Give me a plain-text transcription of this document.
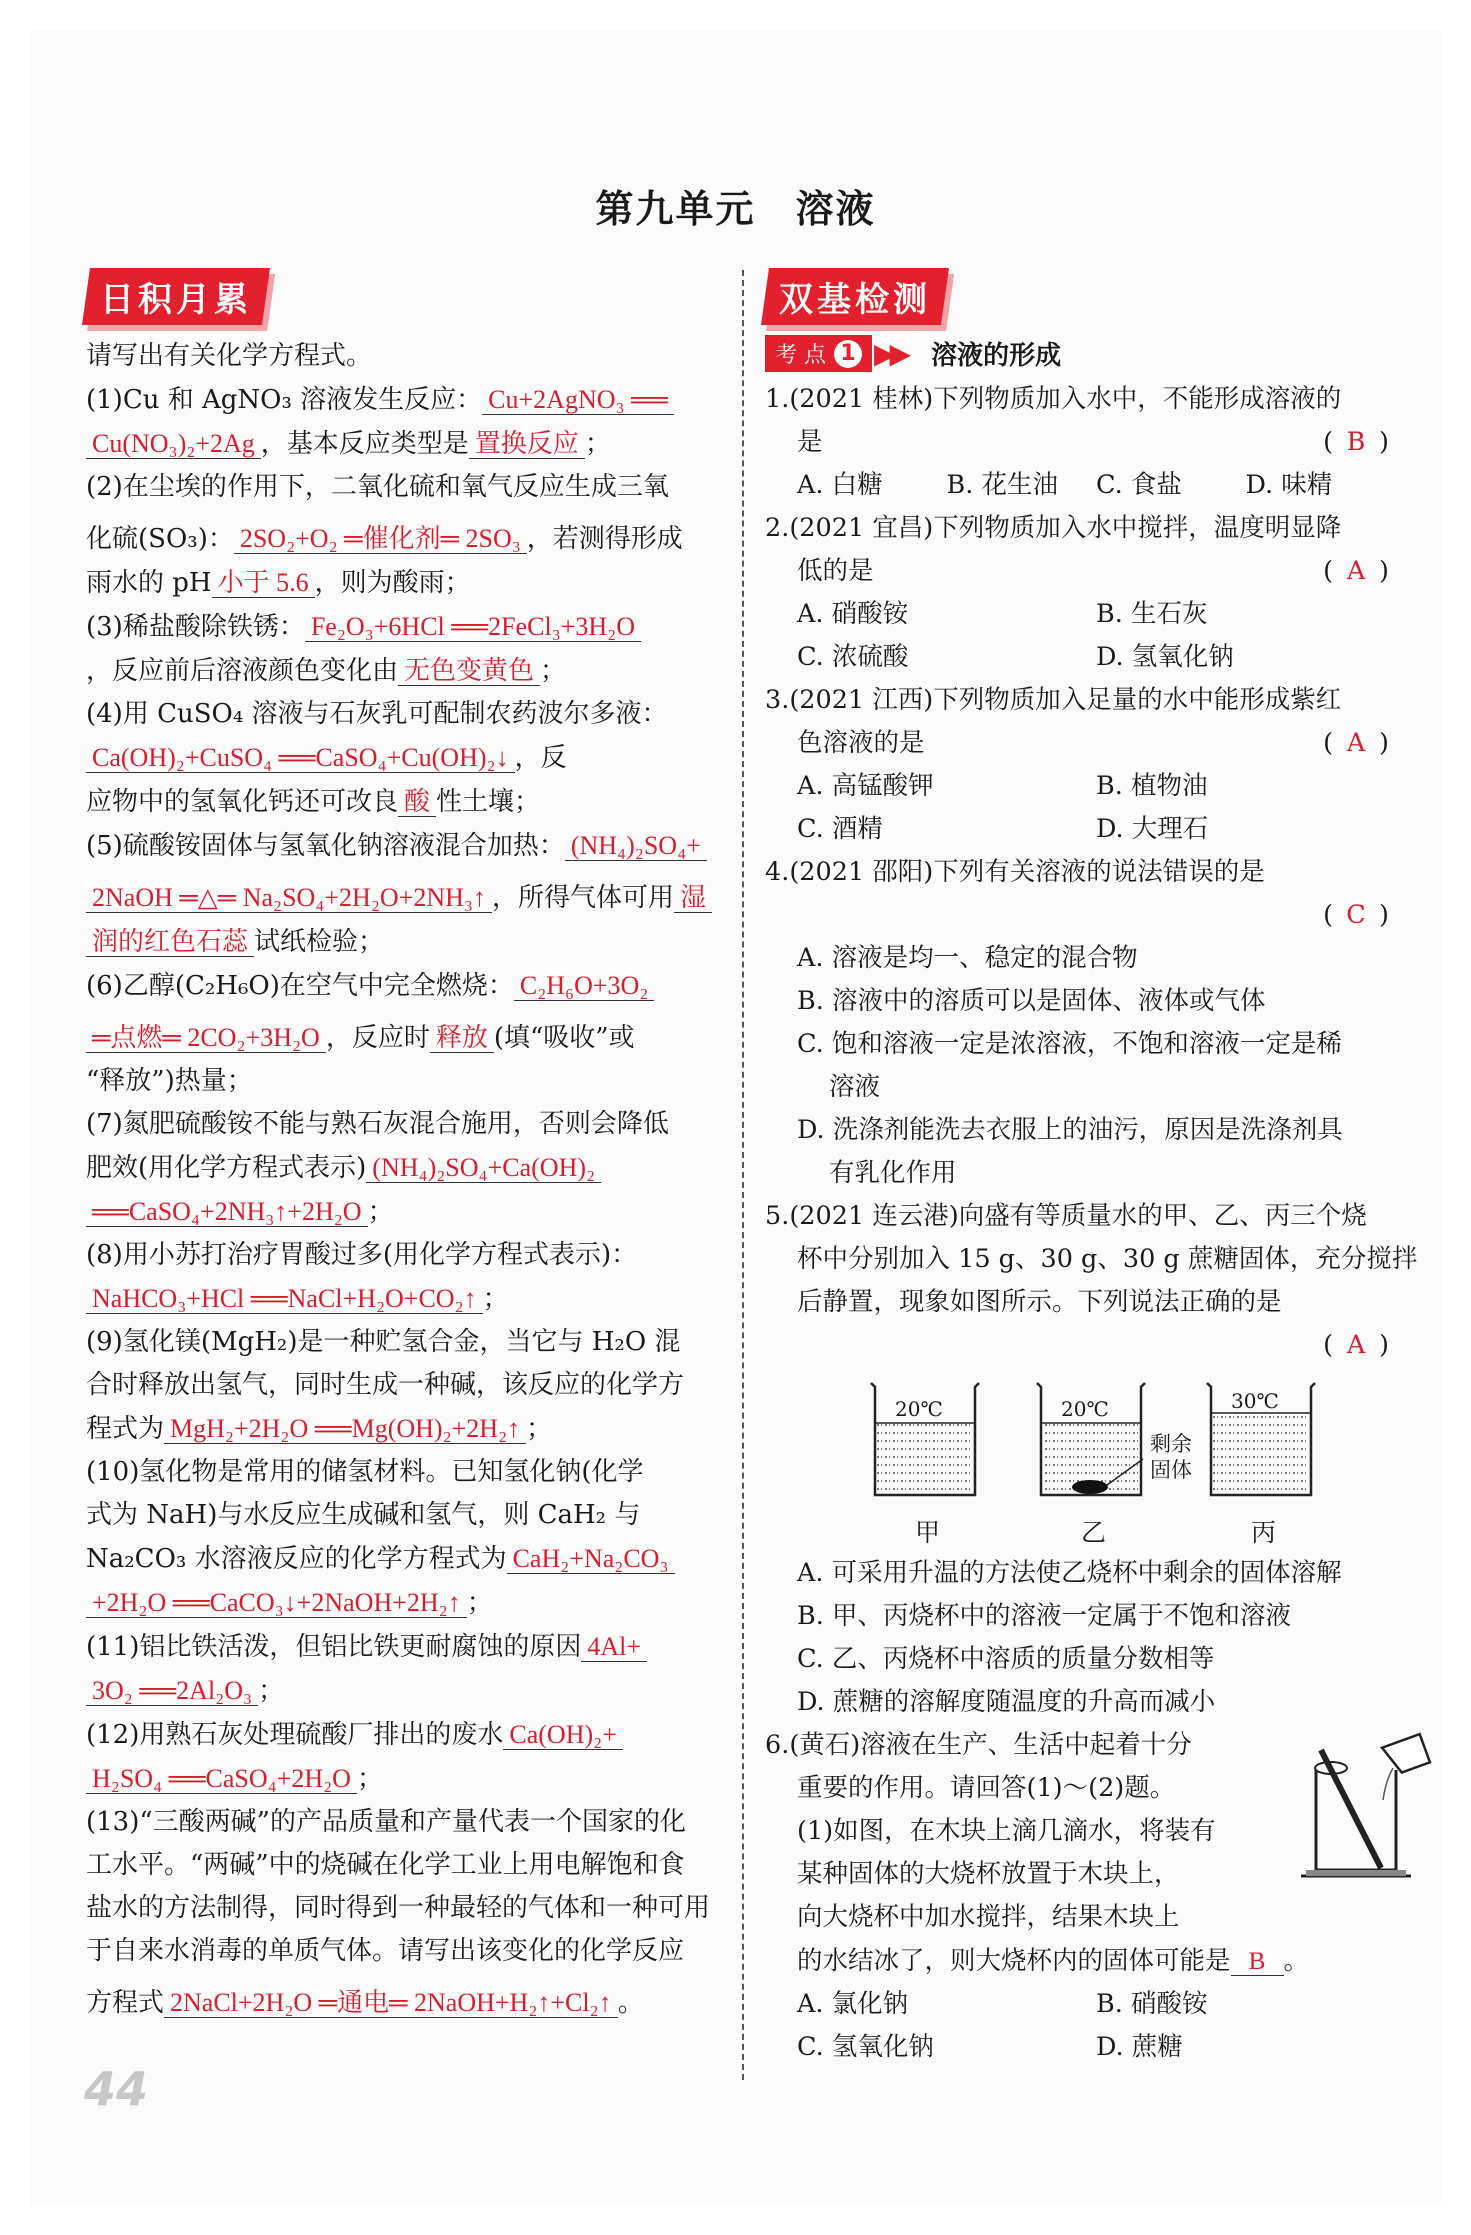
第九单元　溶液
日积月累
请写出有关化学方程式。
(1)Cu 和 AgNO₃ 溶液发生反应： Cu+2AgNO₃ ══
Cu(NO₃)₂+2Ag ，基本反应类型是 置换反应 ；
(2)在尘埃的作用下，二氧化硫和氧气反应生成三氧
化硫(SO₃)： 2SO₂+O₂ ═催化剂═ 2SO₃ ，若测得形成
雨水的 pH 小于 5.6 ，则为酸雨；
(3)稀盐酸除铁锈： Fe₂O₃+6HCl ══2FeCl₃+3H₂O
，反应前后溶液颜色变化由 无色变黄色 ；
(4)用 CuSO₄ 溶液与石灰乳可配制农药波尔多液：
Ca(OH)₂+CuSO₄ ══CaSO₄+Cu(OH)₂↓ ，反
应物中的氢氧化钙还可改良 酸 性土壤；
(5)硫酸铵固体与氢氧化钠溶液混合加热： (NH₄)₂SO₄+
2NaOH ═△═ Na₂SO₄+2H₂O+2NH₃↑ ，所得气体可用 湿
润的红色石蕊 试纸检验；
(6)乙醇(C₂H₆O)在空气中完全燃烧： C₂H₆O+3O₂
═点燃═ 2CO₂+3H₂O ，反应时 释放 (填“吸收”或
“释放”)热量；
(7)氮肥硫酸铵不能与熟石灰混合施用，否则会降低
肥效(用化学方程式表示) (NH₄)₂SO₄+Ca(OH)₂
══CaSO₄+2NH₃↑+2H₂O ；
(8)用小苏打治疗胃酸过多(用化学方程式表示)：
NaHCO₃+HCl ══NaCl+H₂O+CO₂↑ ；
(9)氢化镁(MgH₂)是一种贮氢合金，当它与 H₂O 混
合时释放出氢气，同时生成一种碱，该反应的化学方
程式为 MgH₂+2H₂O ══Mg(OH)₂+2H₂↑ ；
(10)氢化物是常用的储氢材料。已知氢化钠(化学
式为 NaH)与水反应生成碱和氢气，则 CaH₂ 与
Na₂CO₃ 水溶液反应的化学方程式为 CaH₂+Na₂CO₃
+2H₂O ══CaCO₃↓+2NaOH+2H₂↑ ；
(11)铝比铁活泼，但铝比铁更耐腐蚀的原因 4Al+
3O₂ ══2Al₂O₃ ；
(12)用熟石灰处理硫酸厂排出的废水 Ca(OH)₂+
H₂SO₄ ══CaSO₄+2H₂O ；
(13)“三酸两碱”的产品质量和产量代表一个国家的化
工水平。“两碱”中的烧碱在化学工业上用电解饱和食
盐水的方法制得，同时得到一种最轻的气体和一种可用
于自来水消毒的单质气体。请写出该变化的化学反应
方程式 2NaCl+2H₂O ═通电═ 2NaOH+H₂↑+Cl₂↑ 。
双基检测
考 点 1 ▶▶ 溶液的形成
1.(2021 桂林)下列物质加入水中，不能形成溶液的
是	( B )
A. 白糖	B. 花生油	C. 食盐	D. 味精
2.(2021 宜昌)下列物质加入水中搅拌，温度明显降
低的是	( A )
A. 硝酸铵	B. 生石灰
C. 浓硫酸	D. 氢氧化钠
3.(2021 江西)下列物质加入足量的水中能形成紫红
色溶液的是	( A )
A. 高锰酸钾	B. 植物油
C. 酒精	D. 大理石
4.(2021 邵阳)下列有关溶液的说法错误的是
( C )
A. 溶液是均一、稳定的混合物
B. 溶液中的溶质可以是固体、液体或气体
C. 饱和溶液一定是浓溶液，不饱和溶液一定是稀
溶液
D. 洗涤剂能洗去衣服上的油污，原因是洗涤剂具
有乳化作用
5.(2021 连云港)向盛有等质量水的甲、乙、丙三个烧
杯中分别加入 15 g、30 g、30 g 蔗糖固体，充分搅拌
后静置，现象如图所示。下列说法正确的是
( A )
20℃	20℃	30℃
剩余固体
甲	乙	丙
A. 可采用升温的方法使乙烧杯中剩余的固体溶解
B. 甲、丙烧杯中的溶液一定属于不饱和溶液
C. 乙、丙烧杯中溶质的质量分数相等
D. 蔗糖的溶解度随温度的升高而减小
6.(黄石)溶液在生产、生活中起着十分
重要的作用。请回答(1)～(2)题。
(1)如图，在木块上滴几滴水，将装有
某种固体的大烧杯放置于木块上，
向大烧杯中加水搅拌，结果木块上
的水结冰了，则大烧杯内的固体可能是 B 。
A. 氯化钠	B. 硝酸铵
C. 氢氧化钠	D. 蔗糖
44
